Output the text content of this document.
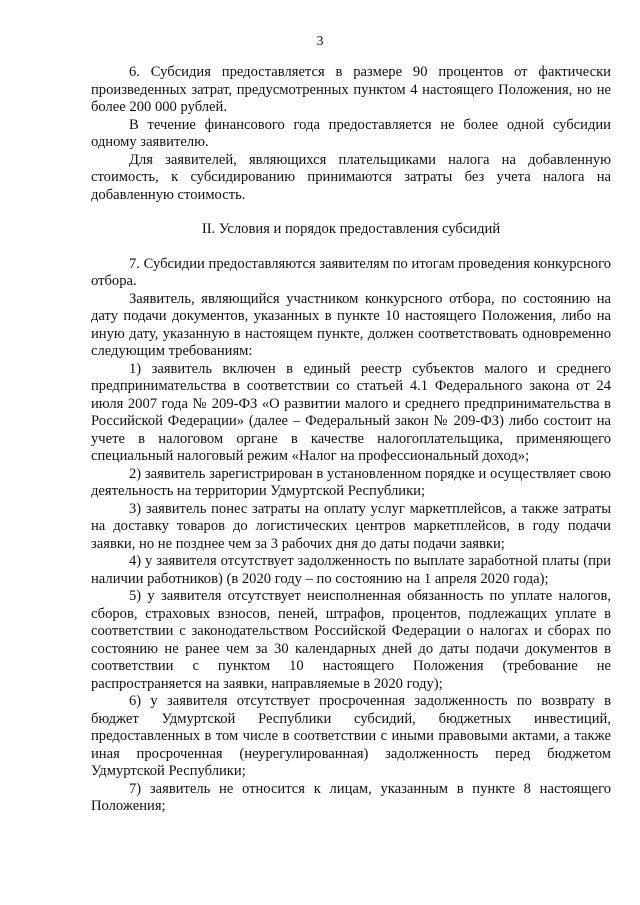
3

6. Субсидия предоставляется в размере 90 процентов от фактически произведенных затрат, предусмотренных пунктом 4 настоящего Положения, но не более 200 000 рублей.

В течение финансового года предоставляется не более одной субсидии одному заявителю.

Для заявителей, являющихся плательщиками налога на добавленную стоимость, к субсидированию принимаются затраты без учета налога на добавленную стоимость.

II. Условия и порядок предоставления субсидий

7. Субсидии предоставляются заявителям по итогам проведения конкурсного отбора.

Заявитель, являющийся участником конкурсного отбора, по состоянию на дату подачи документов, указанных в пункте 10 настоящего Положения, либо на иную дату, указанную в настоящем пункте, должен соответствовать одновременно следующим требованиям:

1) заявитель включен в единый реестр субъектов малого и среднего предпринимательства в соответствии со статьей 4.1 Федерального закона от 24 июля 2007 года № 209-ФЗ «О развитии малого и среднего предпринимательства в Российской Федерации» (далее – Федеральный закон № 209-ФЗ) либо состоит на учете в налоговом органе в качестве налогоплательщика, применяющего специальный налоговый режим «Налог на профессиональный доход»;

2) заявитель зарегистрирован в установленном порядке и осуществляет свою деятельность на территории Удмуртской Республики;

3) заявитель понес затраты на оплату услуг маркетплейсов, а также затраты на доставку товаров до логистических центров маркетплейсов, в году подачи заявки, но не позднее чем за 3 рабочих дня до даты подачи заявки;

4) у заявителя отсутствует задолженность по выплате заработной платы (при наличии работников) (в 2020 году – по состоянию на 1 апреля 2020 года);

5) у заявителя отсутствует неисполненная обязанность по уплате налогов, сборов, страховых взносов, пеней, штрафов, процентов, подлежащих уплате в соответствии с законодательством Российской Федерации о налогах и сборах по состоянию не ранее чем за 30 календарных дней до даты подачи документов в соответствии с пунктом 10 настоящего Положения (требование не распространяется на заявки, направляемые в 2020 году);

6) у заявителя отсутствует просроченная задолженность по возврату в бюджет Удмуртской Республики субсидий, бюджетных инвестиций, предоставленных в том числе в соответствии с иными правовыми актами, а также иная просроченная (неурегулированная) задолженность перед бюджетом Удмуртской Республики;

7) заявитель не относится к лицам, указанным в пункте 8 настоящего Положения;
